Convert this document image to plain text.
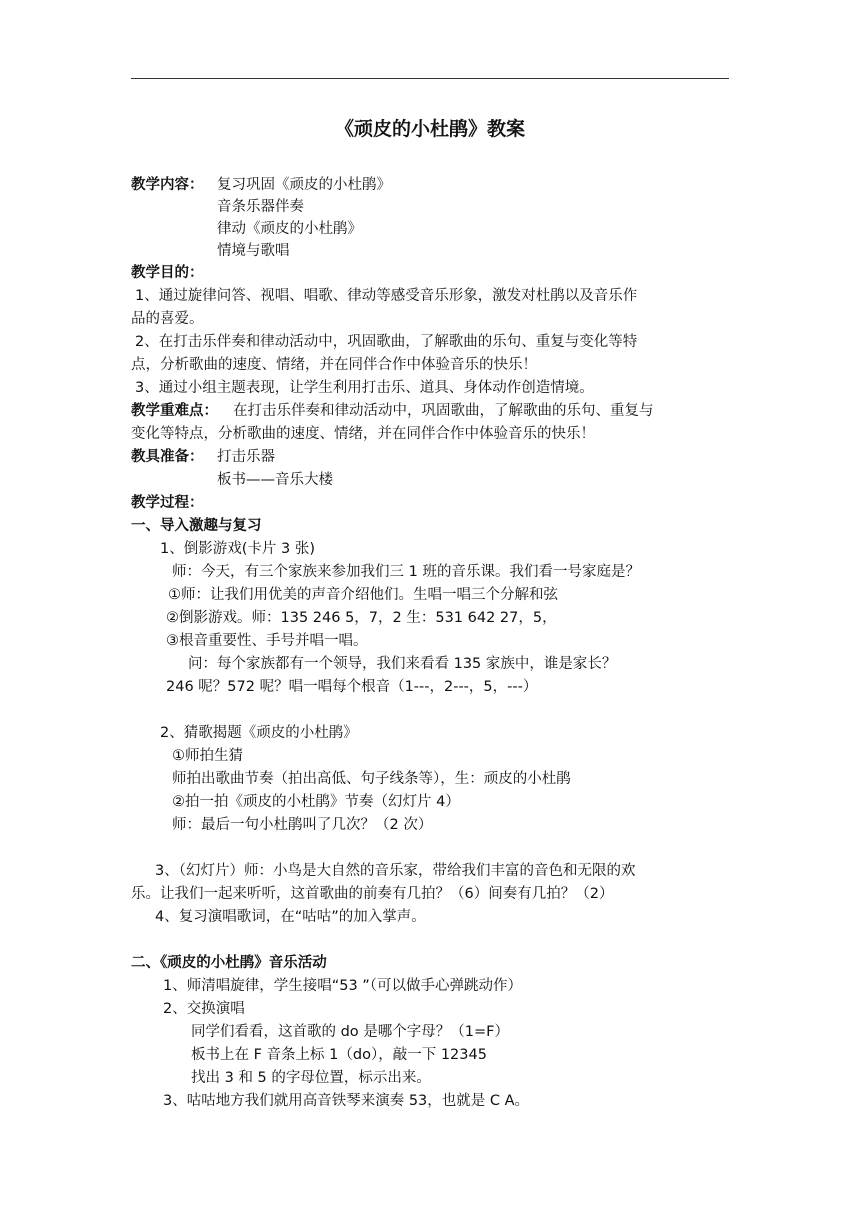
《顽皮的小杜鹃》教案
教学内容： 复习巩固《顽皮的小杜鹃》
音条乐器伴奏
律动《顽皮的小杜鹃》
情境与歌唱
教学目的：
1、通过旋律问答、视唱、唱歌、律动等感受音乐形象，激发对杜鹃以及音乐作
品的喜爱。
2、在打击乐伴奏和律动活动中，巩固歌曲，了解歌曲的乐句、重复与变化等特
点，分析歌曲的速度、情绪，并在同伴合作中体验音乐的快乐！
3、通过小组主题表现，让学生利用打击乐、道具、身体动作创造情境。
教学重难点： 在打击乐伴奏和律动活动中，巩固歌曲，了解歌曲的乐句、重复与
变化等特点，分析歌曲的速度、情绪，并在同伴合作中体验音乐的快乐！
教具准备： 打击乐器
板书——音乐大楼
教学过程：
一、导入激趣与复习
1、倒影游戏(卡片 3 张)
师：今天，有三个家族来参加我们三 1 班的音乐课。我们看一号家庭是？
①师：让我们用优美的声音介绍他们。生唱一唱三个分解和弦
②倒影游戏。师：135 246 5，7，2 生：531 642 27，5，
③根音重要性、手号并唱一唱。
问：每个家族都有一个领导，我们来看看 135 家族中，谁是家长？
246 呢？572 呢？唱一唱每个根音（1---，2---，5，---）
2、猜歌揭题《顽皮的小杜鹃》
①师拍生猜
师拍出歌曲节奏（拍出高低、句子线条等），生：顽皮的小杜鹃
②拍一拍《顽皮的小杜鹃》节奏（幻灯片 4）
师：最后一句小杜鹃叫了几次？（2 次）
3、（幻灯片）师：小鸟是大自然的音乐家，带给我们丰富的音色和无限的欢
乐。让我们一起来听听，这首歌曲的前奏有几拍？（6）间奏有几拍？（2）
4、复习演唱歌词，在“咕咕”的加入掌声。
二、《顽皮的小杜鹃》音乐活动
1、师清唱旋律，学生接唱“53 ”（可以做手心弹跳动作）
2、交换演唱
同学们看看，这首歌的 do 是哪个字母？（1=F）
板书上在 F 音条上标 1（do），敲一下 12345
找出 3 和 5 的字母位置，标示出来。
3、咕咕地方我们就用高音铁琴来演奏 53，也就是 C A。
